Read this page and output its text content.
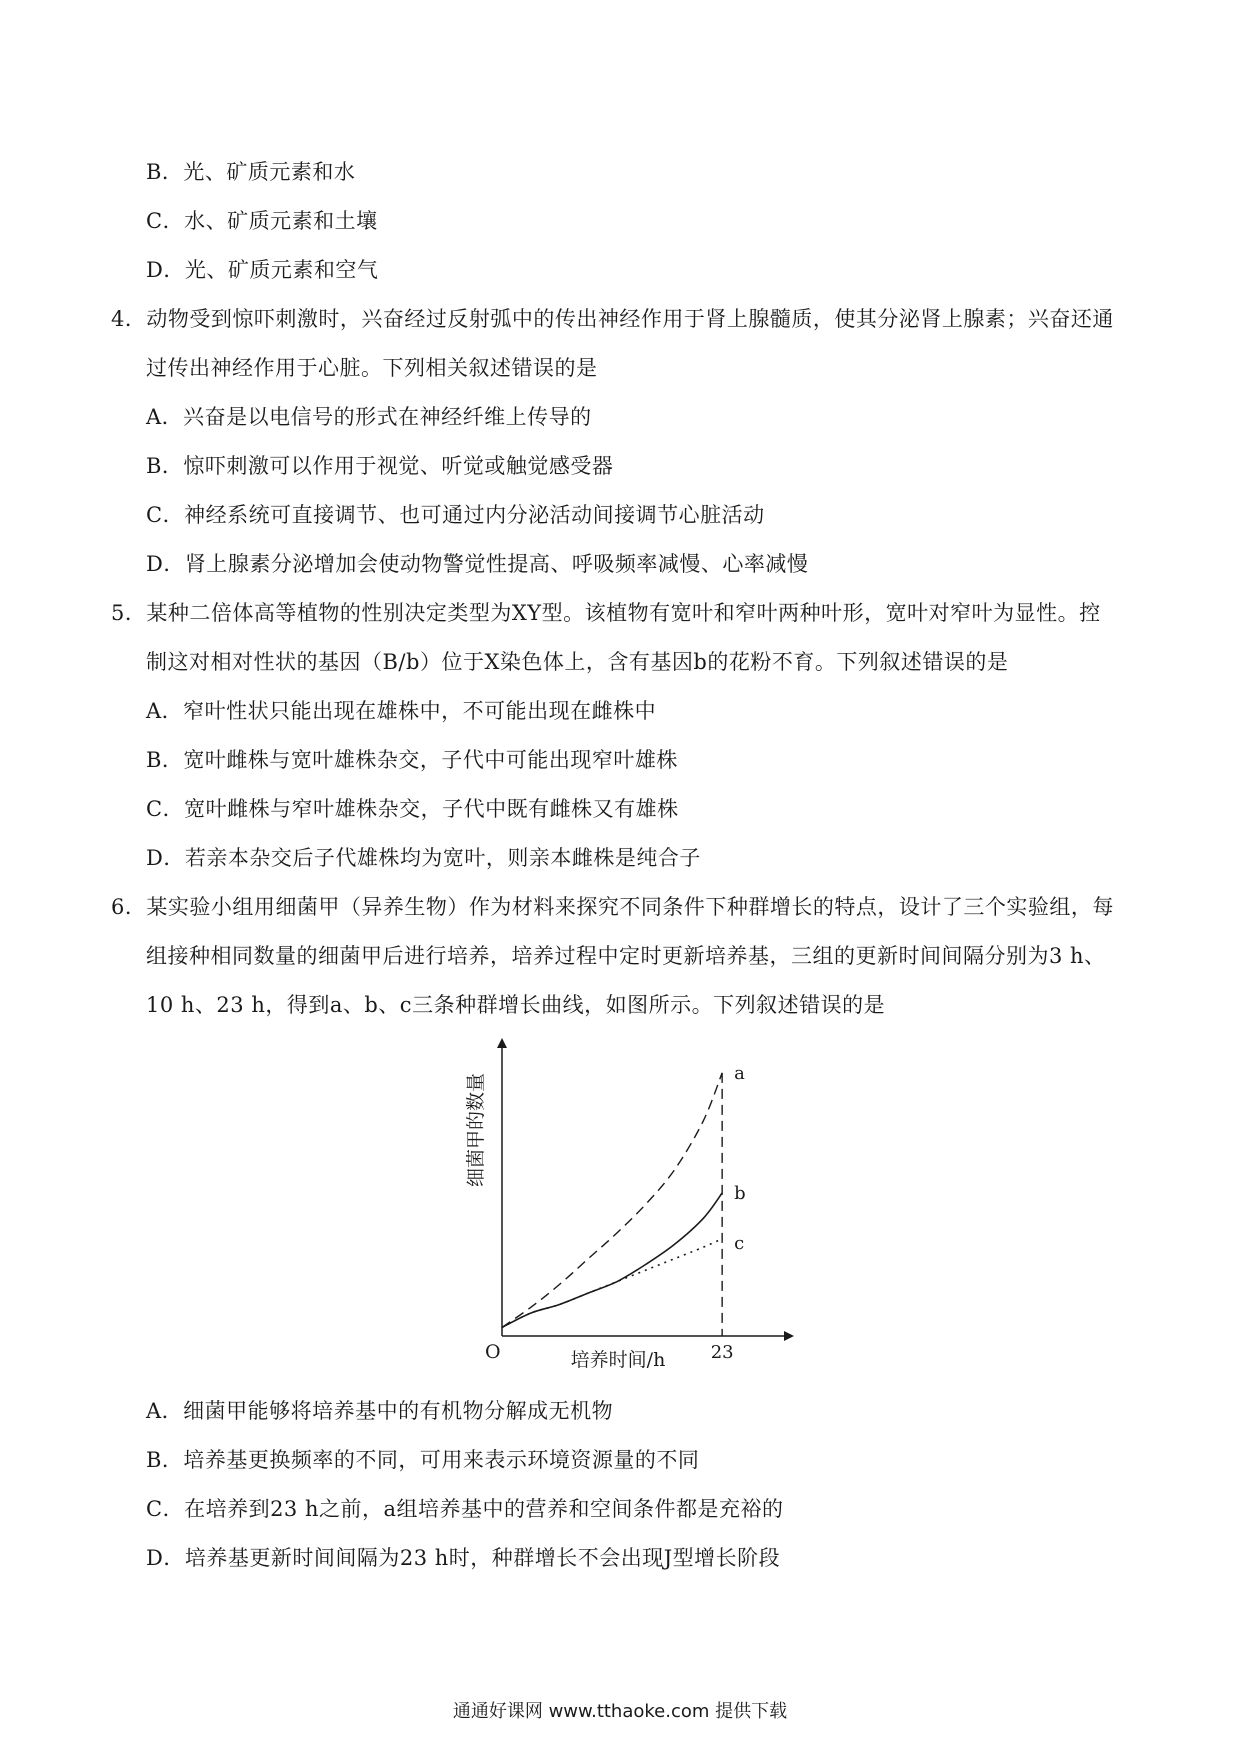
B．光、矿质元素和水
C．水、矿质元素和土壤
D．光、矿质元素和空气
4．动物受到惊吓刺激时，兴奋经过反射弧中的传出神经作用于肾上腺髓质，使其分泌肾上腺素；兴奋还通
过传出神经作用于心脏。下列相关叙述错误的是
A．兴奋是以电信号的形式在神经纤维上传导的
B．惊吓刺激可以作用于视觉、听觉或触觉感受器
C．神经系统可直接调节、也可通过内分泌活动间接调节心脏活动
D．肾上腺素分泌增加会使动物警觉性提高、呼吸频率减慢、心率减慢
5．某种二倍体高等植物的性别决定类型为XY型。该植物有宽叶和窄叶两种叶形，宽叶对窄叶为显性。控
制这对相对性状的基因（B/b）位于X染色体上，含有基因b的花粉不育。下列叙述错误的是
A．窄叶性状只能出现在雄株中，不可能出现在雌株中
B．宽叶雌株与宽叶雄株杂交，子代中可能出现窄叶雄株
C．宽叶雌株与窄叶雄株杂交，子代中既有雌株又有雄株
D．若亲本杂交后子代雄株均为宽叶，则亲本雌株是纯合子
6．某实验小组用细菌甲（异养生物）作为材料来探究不同条件下种群增长的特点，设计了三个实验组，每
组接种相同数量的细菌甲后进行培养，培养过程中定时更新培养基，三组的更新时间间隔分别为3 h、
10 h、23 h，得到a、b、c三条种群增长曲线，如图所示。下列叙述错误的是
a
b
c
O	23
培养时间/h
细菌甲的数量
A．细菌甲能够将培养基中的有机物分解成无机物
B．培养基更换频率的不同，可用来表示环境资源量的不同
C．在培养到23 h之前，a组培养基中的营养和空间条件都是充裕的
D．培养基更新时间间隔为23 h时，种群增长不会出现J型增长阶段
通通好课网 www.tthaoke.com 提供下载
